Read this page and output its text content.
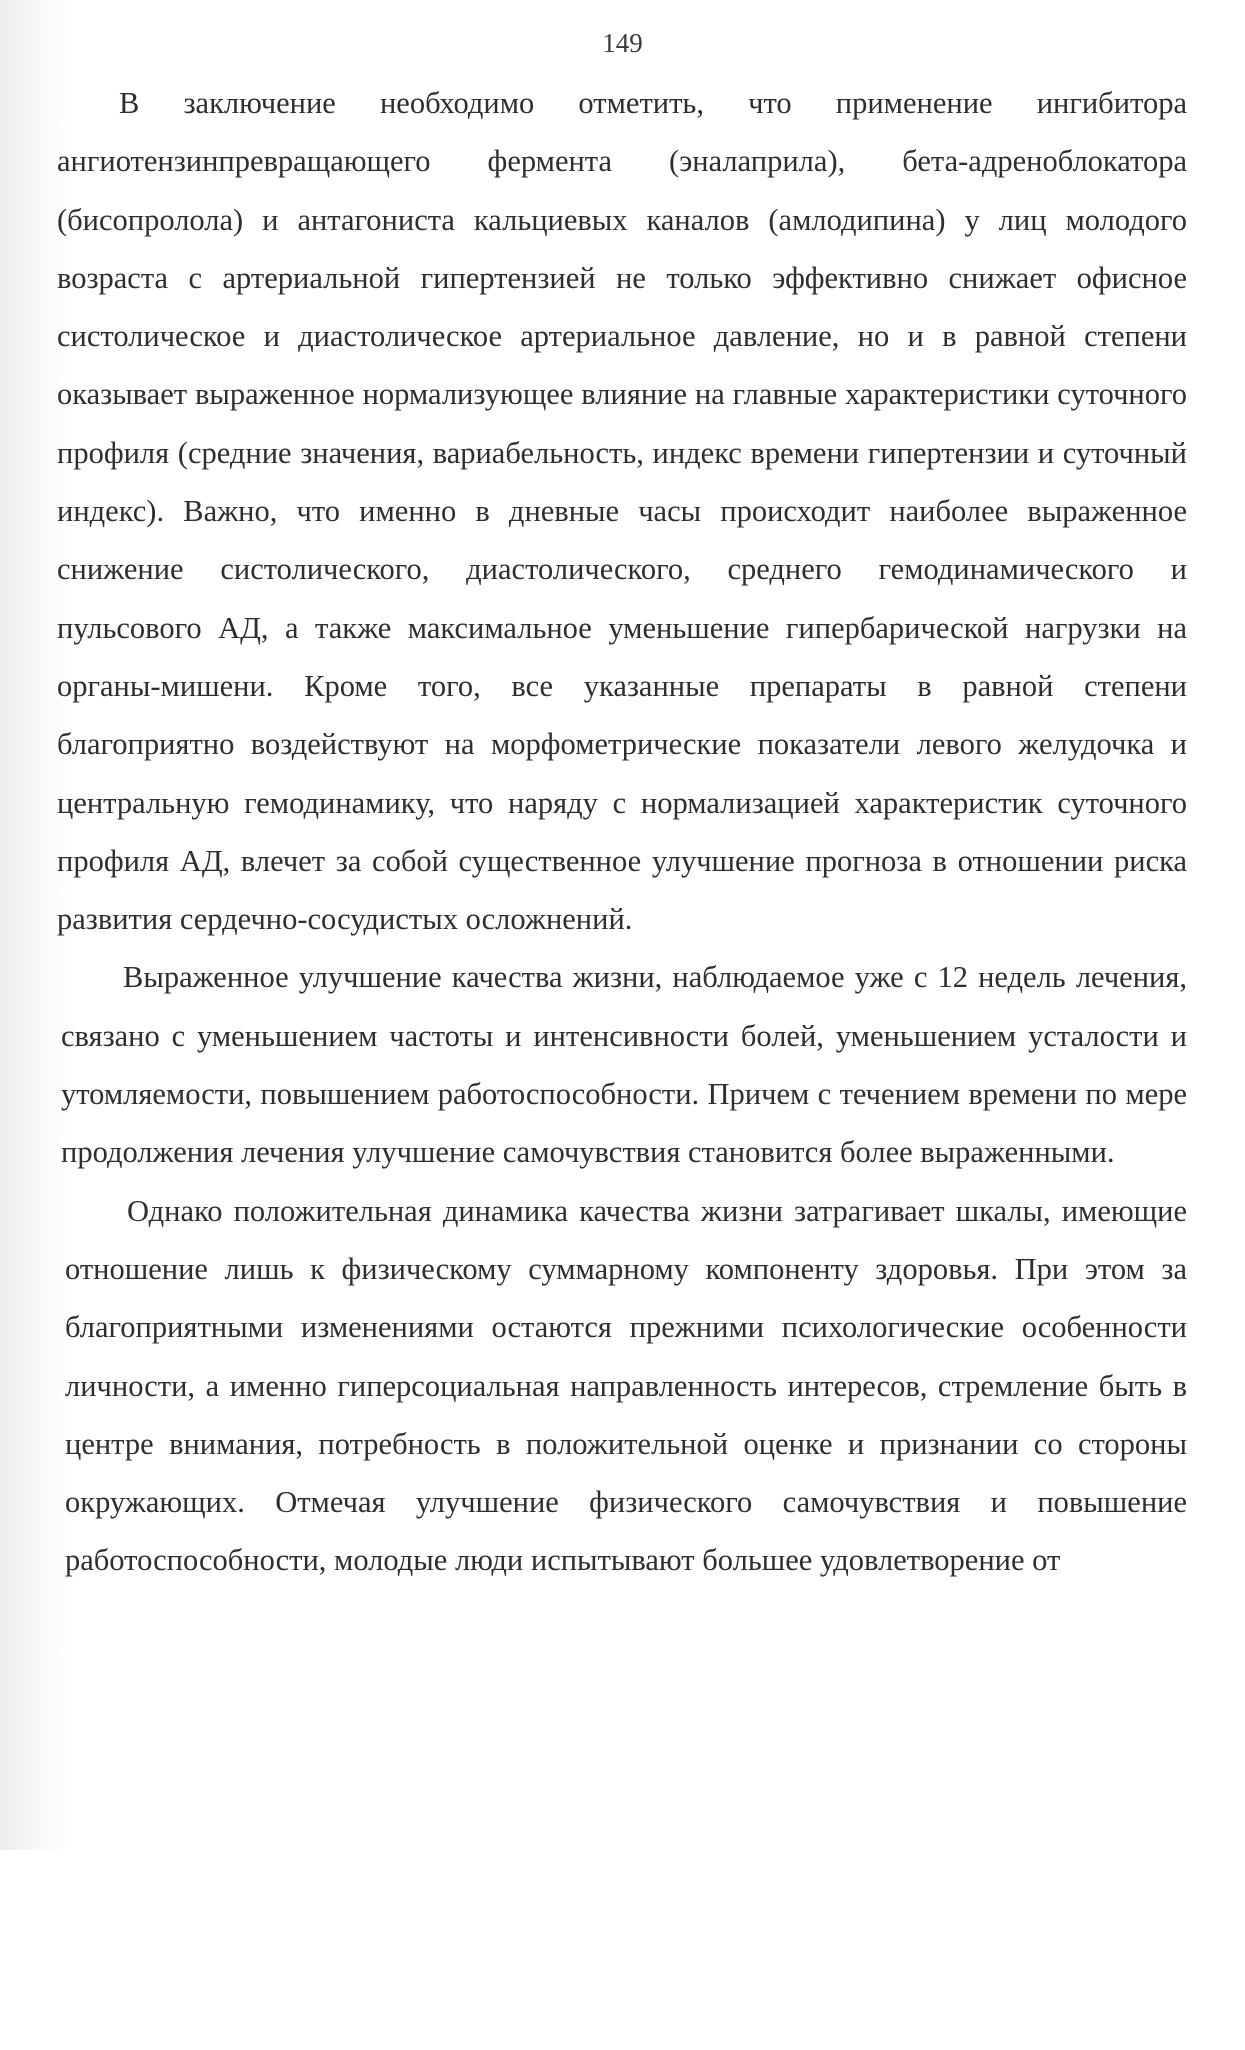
149

В заключение необходимо отметить, что применение ингибитора ангиотензинпревращающего фермента (эналаприла), бета-адреноблокатора (бисопролола) и антагониста кальциевых каналов (амлодипина) у лиц молодого возраста с артериальной гипертензией не только эффективно снижает офисное систолическое и диастолическое артериальное давление, но и в равной степени оказывает выраженное нормализующее влияние на главные характеристики суточного профиля (средние значения, вариабельность, индекс времени гипертензии и суточный индекс). Важно, что именно в дневные часы происходит наиболее выраженное снижение систолического, диастолического, среднего гемодинамического и пульсового АД, а также максимальное уменьшение гипербарической нагрузки на органы-мишени. Кроме того, все указанные препараты в равной степени благоприятно воздействуют на морфометрические показатели левого желудочка и центральную гемодинамику, что наряду с нормализацией характеристик суточного профиля АД, влечет за собой существенное улучшение прогноза в отношении риска развития сердечно-сосудистых осложнений.

Выраженное улучшение качества жизни, наблюдаемое уже с 12 недель лечения, связано с уменьшением частоты и интенсивности болей, уменьшением усталости и утомляемости, повышением работоспособности. Причем с течением времени по мере продолжения лечения улучшение самочувствия становится более выраженными.

Однако положительная динамика качества жизни затрагивает шкалы, имеющие отношение лишь к физическому суммарному компоненту здоровья. При этом за благоприятными изменениями остаются прежними психологические особенности личности, а именно гиперсоциальная направленность интересов, стремление быть в центре внимания, потребность в положительной оценке и признании со стороны окружающих. Отмечая улучшение физического самочувствия и повышение работоспособности, молодые люди испытывают большее удовлетворение от
